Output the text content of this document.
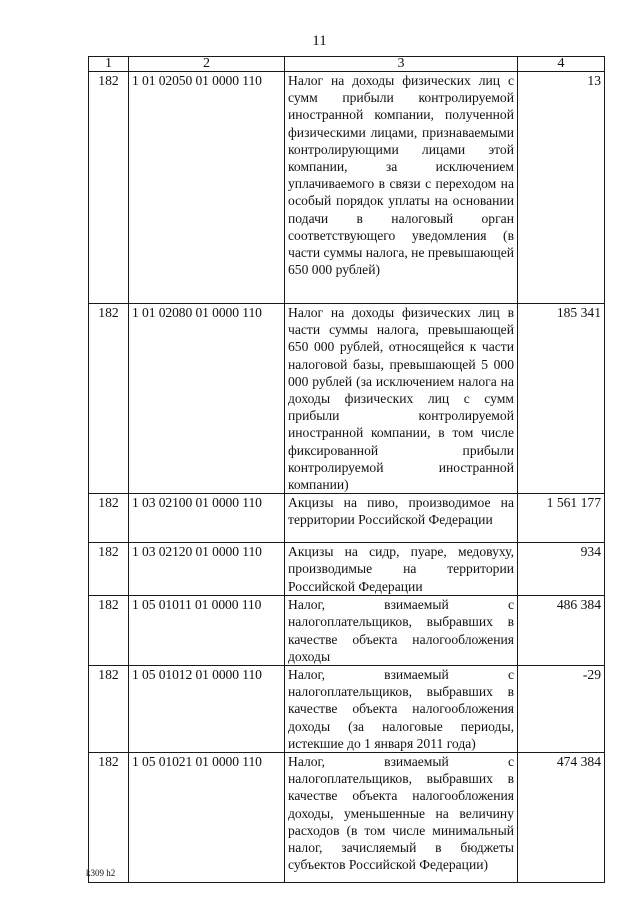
11
1	2	3	4
182	1 01 02050 01 0000 110	Налог на доходы физических лиц с сумм прибыли контролируемой иностранной компании, полученной физическими лицами, признаваемыми контролирующими лицами этой компании, за исключением уплачиваемого в связи с переходом на особый порядок уплаты на основании подачи в налоговый орган соответствующего уведомления (в части суммы налога, не превышающей 650 000 рублей)	13
182	1 01 02080 01 0000 110	Налог на доходы физических лиц в части суммы налога, превышающей 650 000 рублей, относящейся к части налоговой базы, превышающей 5 000 000 рублей (за исключением налога на доходы физических лиц с сумм прибыли контролируемой иностранной компании, в том числе фиксированной прибыли контролируемой иностранной компании)	185 341
182	1 03 02100 01 0000 110	Акцизы на пиво, производимое на территории Российской Федерации	1 561 177
182	1 03 02120 01 0000 110	Акцизы на сидр, пуаре, медовуху, производимые на территории Российской Федерации	934
182	1 05 01011 01 0000 110	Налог, взимаемый с налогоплательщиков, выбравших в качестве объекта налогообложения доходы	486 384
182	1 05 01012 01 0000 110	Налог, взимаемый с налогоплательщиков, выбравших в качестве объекта налогообложения доходы (за налоговые периоды, истекшие до 1 января 2011 года)	-29
182	1 05 01021 01 0000 110	Налог, взимаемый с налогоплательщиков, выбравших в качестве объекта налогообложения доходы, уменьшенные на величину расходов (в том числе минимальный налог, зачисляемый в бюджеты субъектов Российской Федерации)	474 384
k309 h2
